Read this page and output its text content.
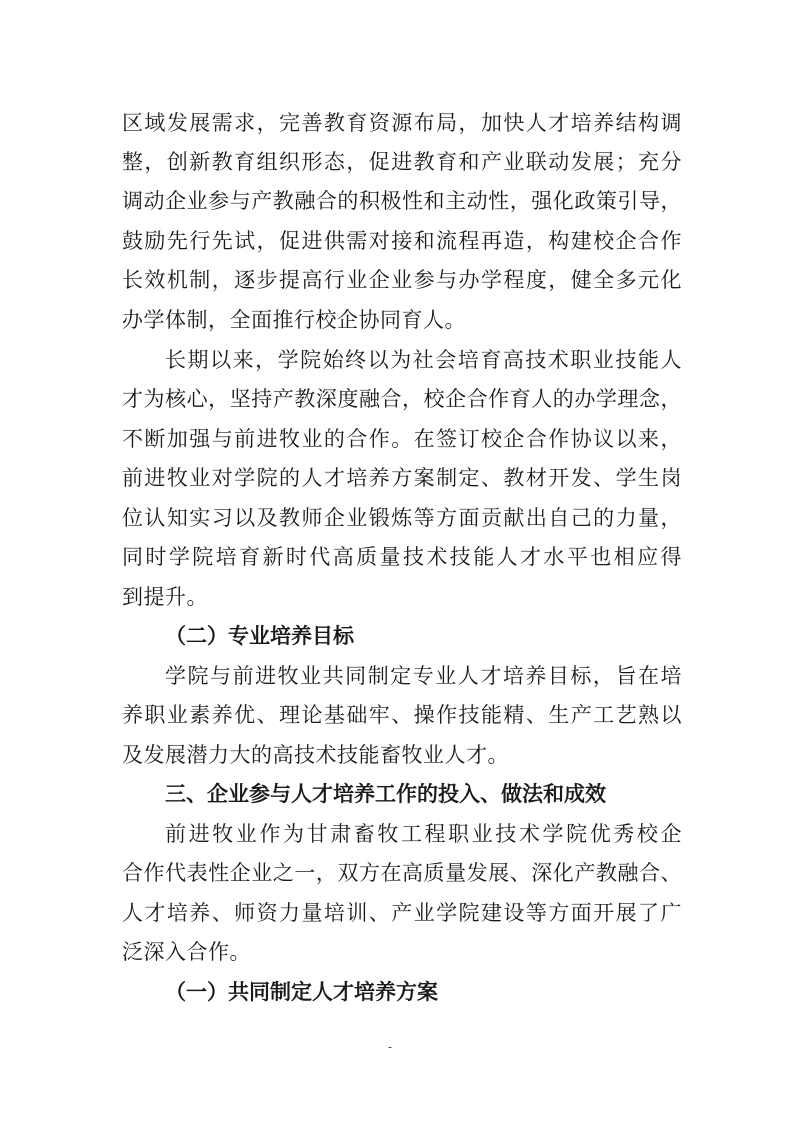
区域发展需求，完善教育资源布局，加快人才培养结构调
整，创新教育组织形态，促进教育和产业联动发展；充分
调动企业参与产教融合的积极性和主动性，强化政策引导，
鼓励先行先试，促进供需对接和流程再造，构建校企合作
长效机制，逐步提高行业企业参与办学程度，健全多元化
办学体制，全面推行校企协同育人。
长期以来，学院始终以为社会培育高技术职业技能人
才为核心，坚持产教深度融合，校企合作育人的办学理念，
不断加强与前进牧业的合作。在签订校企合作协议以来，
前进牧业对学院的人才培养方案制定、教材开发、学生岗
位认知实习以及教师企业锻炼等方面贡献出自己的力量，
同时学院培育新时代高质量技术技能人才水平也相应得
到提升。
（二）专业培养目标
学院与前进牧业共同制定专业人才培养目标，旨在培
养职业素养优、理论基础牢、操作技能精、生产工艺熟以
及发展潜力大的高技术技能畜牧业人才。
三、企业参与人才培养工作的投入、做法和成效
前进牧业作为甘肃畜牧工程职业技术学院优秀校企
合作代表性企业之一，双方在高质量发展、深化产教融合、
人才培养、师资力量培训、产业学院建设等方面开展了广
泛深入合作。
（一）共同制定人才培养方案
-
